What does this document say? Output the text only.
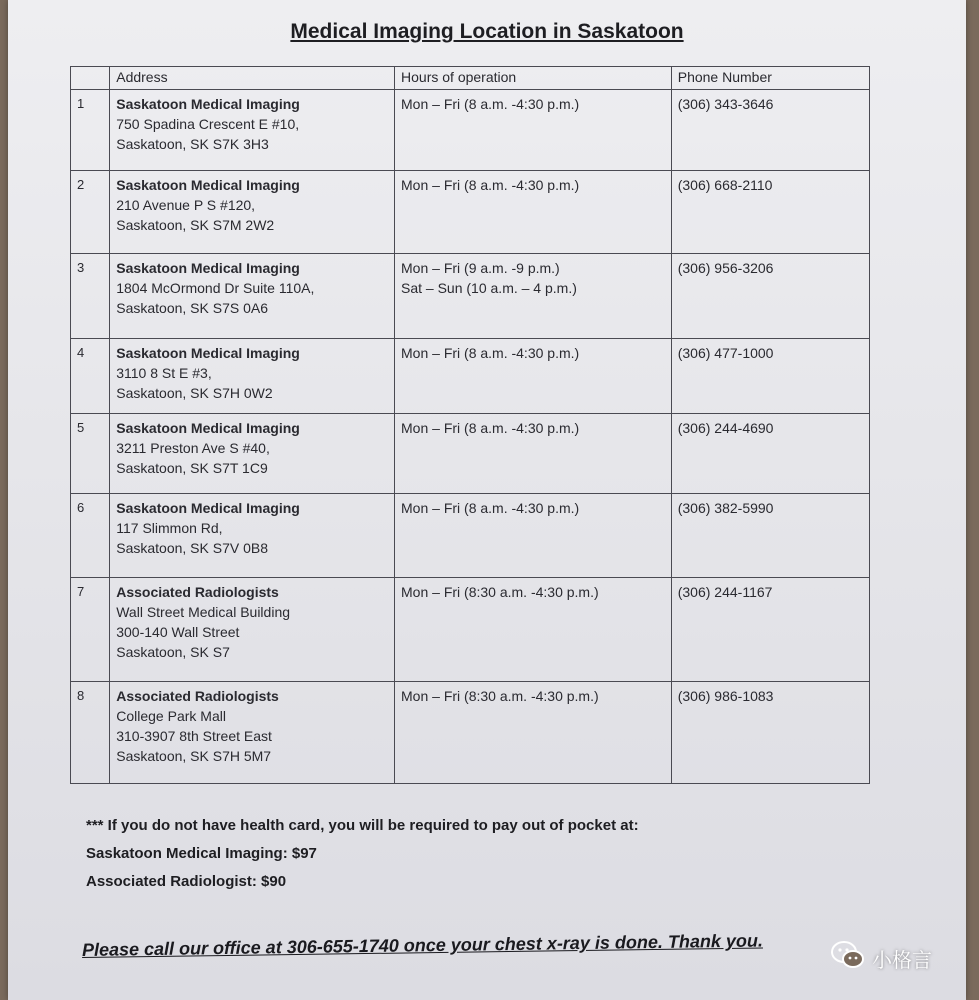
Medical Imaging Location in Saskatoon
	Address	Hours of operation	Phone Number
1	Saskatoon Medical Imaging
750 Spadina Crescent E #10,
Saskatoon, SK S7K 3H3	Mon – Fri (8 a.m. -4:30 p.m.)	(306) 343-3646
2	Saskatoon Medical Imaging
210 Avenue P S #120,
Saskatoon, SK S7M 2W2	Mon – Fri (8 a.m. -4:30 p.m.)	(306) 668-2110
3	Saskatoon Medical Imaging
1804 McOrmond Dr Suite 110A,
Saskatoon, SK S7S 0A6	Mon – Fri (9 a.m. -9 p.m.)
Sat – Sun (10 a.m. – 4 p.m.)	(306) 956-3206
4	Saskatoon Medical Imaging
3110 8 St E #3,
Saskatoon, SK S7H 0W2	Mon – Fri (8 a.m. -4:30 p.m.)	(306) 477-1000
5	Saskatoon Medical Imaging
3211 Preston Ave S #40,
Saskatoon, SK S7T 1C9	Mon – Fri (8 a.m. -4:30 p.m.)	(306) 244-4690
6	Saskatoon Medical Imaging
117 Slimmon Rd,
Saskatoon, SK S7V 0B8	Mon – Fri (8 a.m. -4:30 p.m.)	(306) 382-5990
7	Associated Radiologists
Wall Street Medical Building
300-140 Wall Street
Saskatoon, SK S7	Mon – Fri (8:30 a.m. -4:30 p.m.)	(306) 244-1167
8	Associated Radiologists
College Park Mall
310-3907 8th Street East
Saskatoon, SK S7H 5M7	Mon – Fri (8:30 a.m. -4:30 p.m.)	(306) 986-1083
*** If you do not have health card, you will be required to pay out of pocket at:
Saskatoon Medical Imaging: $97
Associated Radiologist: $90
Please call our office at 306-655-1740 once your chest x-ray is done. Thank you.
小格言
